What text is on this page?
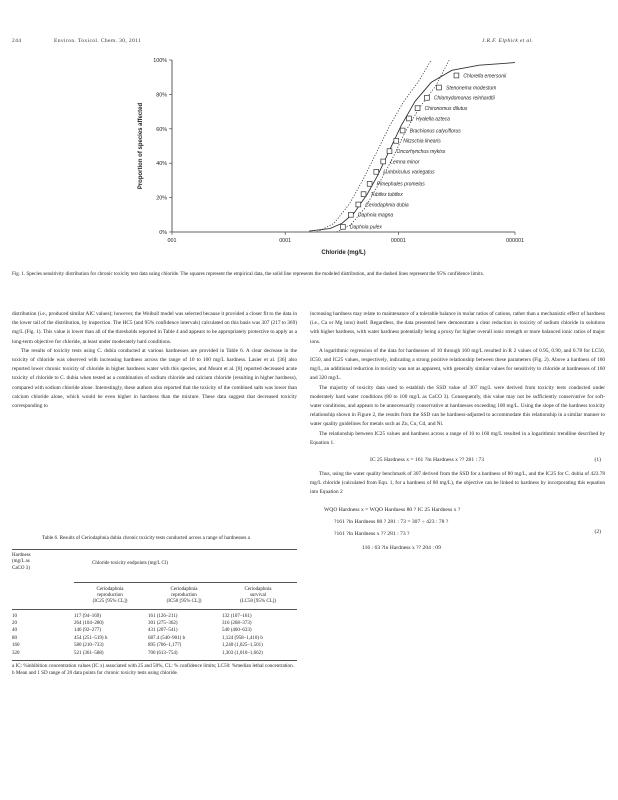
244	Environ. Toxicol. Chem. 30, 2011	J.R.F. Elphick et al.
0%
20%
40%
60%
80%
100%
001	0001	00001	000001
Chloride (mg/L)
Proportion of species affected
Daphnia pulex
Daphnia magna
Ceriodaphnia dubia
Tubifex tubifex
Pimephales promelas
Lumbriculus variegatus
Lemna minor
Oncorhynchus mykiss
Nitzschia linearis
Brachionus calyciflorus
Hyalella azteca
Chironomus dilutus
Chlamydomonas reinhardtii
Stenonema modestum
Chlorella emersonii
Fig. 1. Species sensitivity distribution for chronic toxicity test data using chloride. The squares represent the empirical data, the solid line represents the modeled distribution, and the dashed lines represent the 95% confidence limits.

distribution (i.e., produced similar AIC values); however, the Weibull model was selected because it provided a closer fit to the data in the lower tail of the distribution, by inspection. The HC5 (and 95% confidence intervals) calculated on this basis was 307 (217 to 369) mg/L (Fig. 1). This value is lower than all of the thresholds reported in Table 4 and appears to be appropriately protective to apply as a long-term objective for chloride, at least under moderately hard conditions.

The results of toxicity tests using C. dubia conducted at various hardnesses are provided in Table 6. A clear decrease in the toxicity of chloride was observed with increasing hardness across the range of 10 to 160 mg/L hardness. Lasier et al. [36] also reported lower chronic toxicity of chloride in higher hardness water with this species, and Mount et al. [8] reported decreased acute toxicity of chloride to C. dubia when tested as a combination of sodium chloride and calcium chloride (resulting in higher hardness), compared with sodium chloride alone. Interestingly, these authors also reported that the toxicity of the combined salts was lower than calcium chloride alone, which would be even higher in hardness than the mixture. These data suggest that decreased toxicity corresponding to

Table 6. Results of Ceriodaphnia dubia chronic toxicity tests conducted across a range of hardnesses a
Hardness
(mg/L as
CaCO 3)
Chloride toxicity endpoints (mg/L Cl)
Ceriodaphnia
reproduction
(IC25 [95% CL])
Ceriodaphnia
reproduction
(IC50 [95% CL])
Ceriodaphnia
survival
(LC50 [95% CL])
10	117 (94–169)	161 (126–211)	132 (107–161)
20	264 (104–280)	301 (275–362)	316 (268–373)
40	146 (92–277)	431 (207–541)	540 (460–633)
80	454 (251–519) b	687.4 (540–901) b	1,124 (958–1,410) b
160	580 (210–733)	895 (706–1,177)	1,240 (1,025–1,501)
320	521 (361–588)	700 (613–754)	1,303 (1,010–1,662)
a IC: %inhibition concentration values (IC x) associated with 25 and 50%, CL: % confidence limits; LC50: %median lethal concentration.
b Mean and 1 SD range of 20 data points for chronic toxicity tests using chloride.

increasing hardness may relate to maintenance of a tolerable balance in molar ratios of cations, rather than a mechanistic effect of hardness (i.e., Ca or Mg ions) itself. Regardless, the data presented here demonstrate a clear reduction in toxicity of sodium chloride in solutions with higher hardness, with water hardness potentially being a proxy for higher overall ionic strength or more balanced ionic ratios of major ions.

A logarithmic regression of the data for hardnesses of 10 through 160 mg/L resulted in R 2 values of 0.95, 0.90, and 0.78 for LC50, IC50, and IC25 values, respectively, indicating a strong positive relationship between these parameters (Fig. 2). Above a hardness of 160 mg/L, an additional reduction in toxicity was not as apparent, with generally similar values for sensitivity to chloride at hardnesses of 160 and 320 mg/L.

The majority of toxicity data used to establish the SSD value of 307 mg/L were derived from toxicity tests conducted under moderately hard water conditions (80 to 100 mg/L as CaCO 3). Consequently, this value may not be sufficiently conservative for soft-water conditions, and appears to be unnecessarily conservative at hardnesses exceeding 100 mg/L. Using the slope of the hardness toxicity relationship shown in Figure 2, the results from the SSD can be hardness-adjusted to accommodate this relationship in a similar manner to water quality guidelines for metals such as Zn, Cu, Cd, and Ni.

The relationship between IC25 values and hardness across a range of 10 to 160 mg/L resulted in a logarithmic trendline described by Equation 1.

IC 25 Hardness x = 161 ?ln Hardness x ?? 281 : 73	(1)

Thus, using the water quality benchmark of 307 derived from the SSD for a hardness of 80 mg/L, and the IC25 for C. dubia of 423.78 mg/L chloride (calculated from Eqn. 1, for a hardness of 80 mg/L), the objective can be linked to hardness by incorporating this equation into Equation 2

WQO Hardness x = WQO Hardness 80 ? IC 25 Hardness x ?
?161 ?ln Hardness 80 ? 281 : 73 = 307 ÷ 423 : 78 ?
?161 ?ln Hardness x ?? 281 : 73 ?	(2)
116 : 63 ?ln Hardness x ?? 204 : 09
